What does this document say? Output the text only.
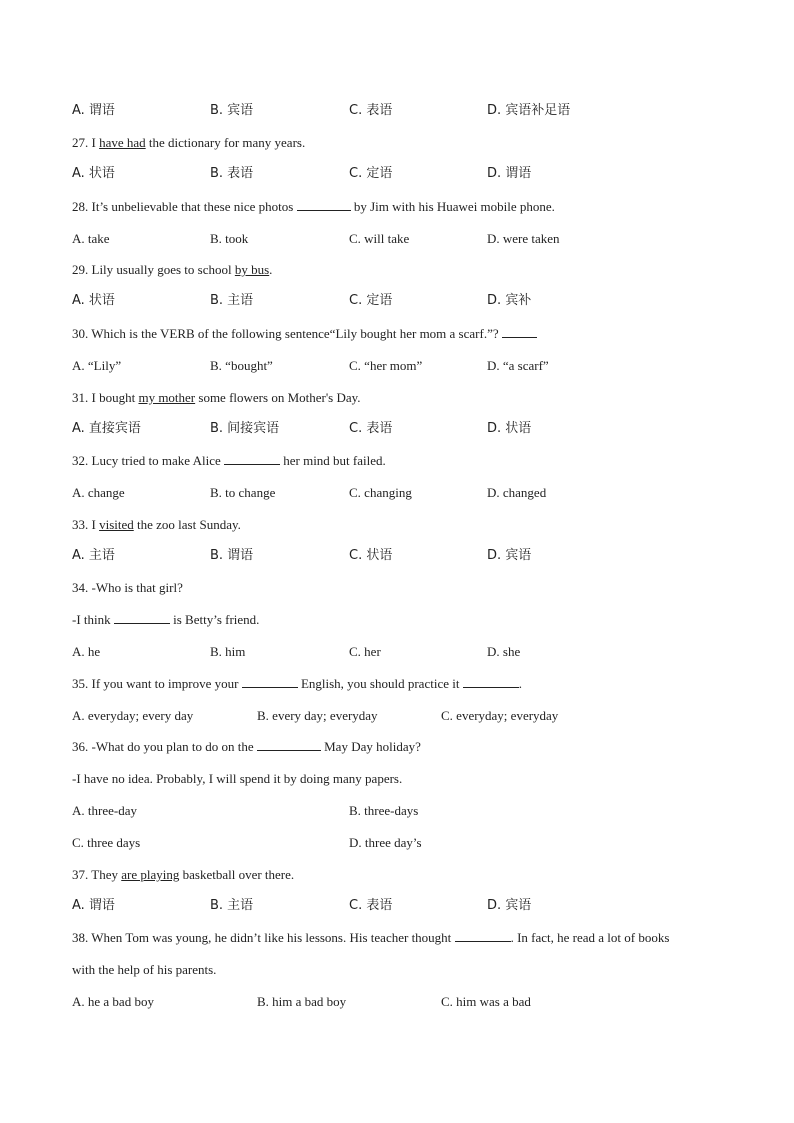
A. 谓语	B. 宾语	C. 表语	D. 宾语补足语
27. I have had the dictionary for many years.
A. 状语	B. 表语	C. 定语	D. 谓语
28. It’s unbelievable that these nice photos	by Jim with his Huawei mobile phone.
A. take	B. took	C. will take	D. were taken
29. Lily usually goes to school by bus.
A. 状语	B. 主语	C. 定语	D. 宾补
30. Which is the VERB of the following sentence“Lily bought her mom a scarf.”?
A. “Lily”	B. “bought”	C. “her mom”	D. “a scarf”
31. I bought my mother some flowers on Mother's Day.
A. 直接宾语	B. 间接宾语	C. 表语	D. 状语
32. Lucy tried to make Alice	her mind but failed.
A. change	B. to change	C. changing	D. changed
33. I visited the zoo last Sunday.
A. 主语	B. 谓语	C. 状语	D. 宾语
34. -Who is that girl?
-I think	is Betty’s friend.
A. he	B. him	C. her	D. she
35. If you want to improve your	English, you should practice it	.
A. everyday; every day	B. every day; everyday	C. everyday; everyday
36. -What do you plan to do on the	May Day holiday?
-I have no idea. Probably, I will spend it by doing many papers.
A. three-day	B. three-days
C. three days	D. three day’s
37. They are playing basketball over there.
A. 谓语	B. 主语	C. 表语	D. 宾语
38. When Tom was young, he didn’t like his lessons. His teacher thought	. In fact, he read a lot of books
with the help of his parents.
A. he a bad boy	B. him a bad boy	C. him was a bad
